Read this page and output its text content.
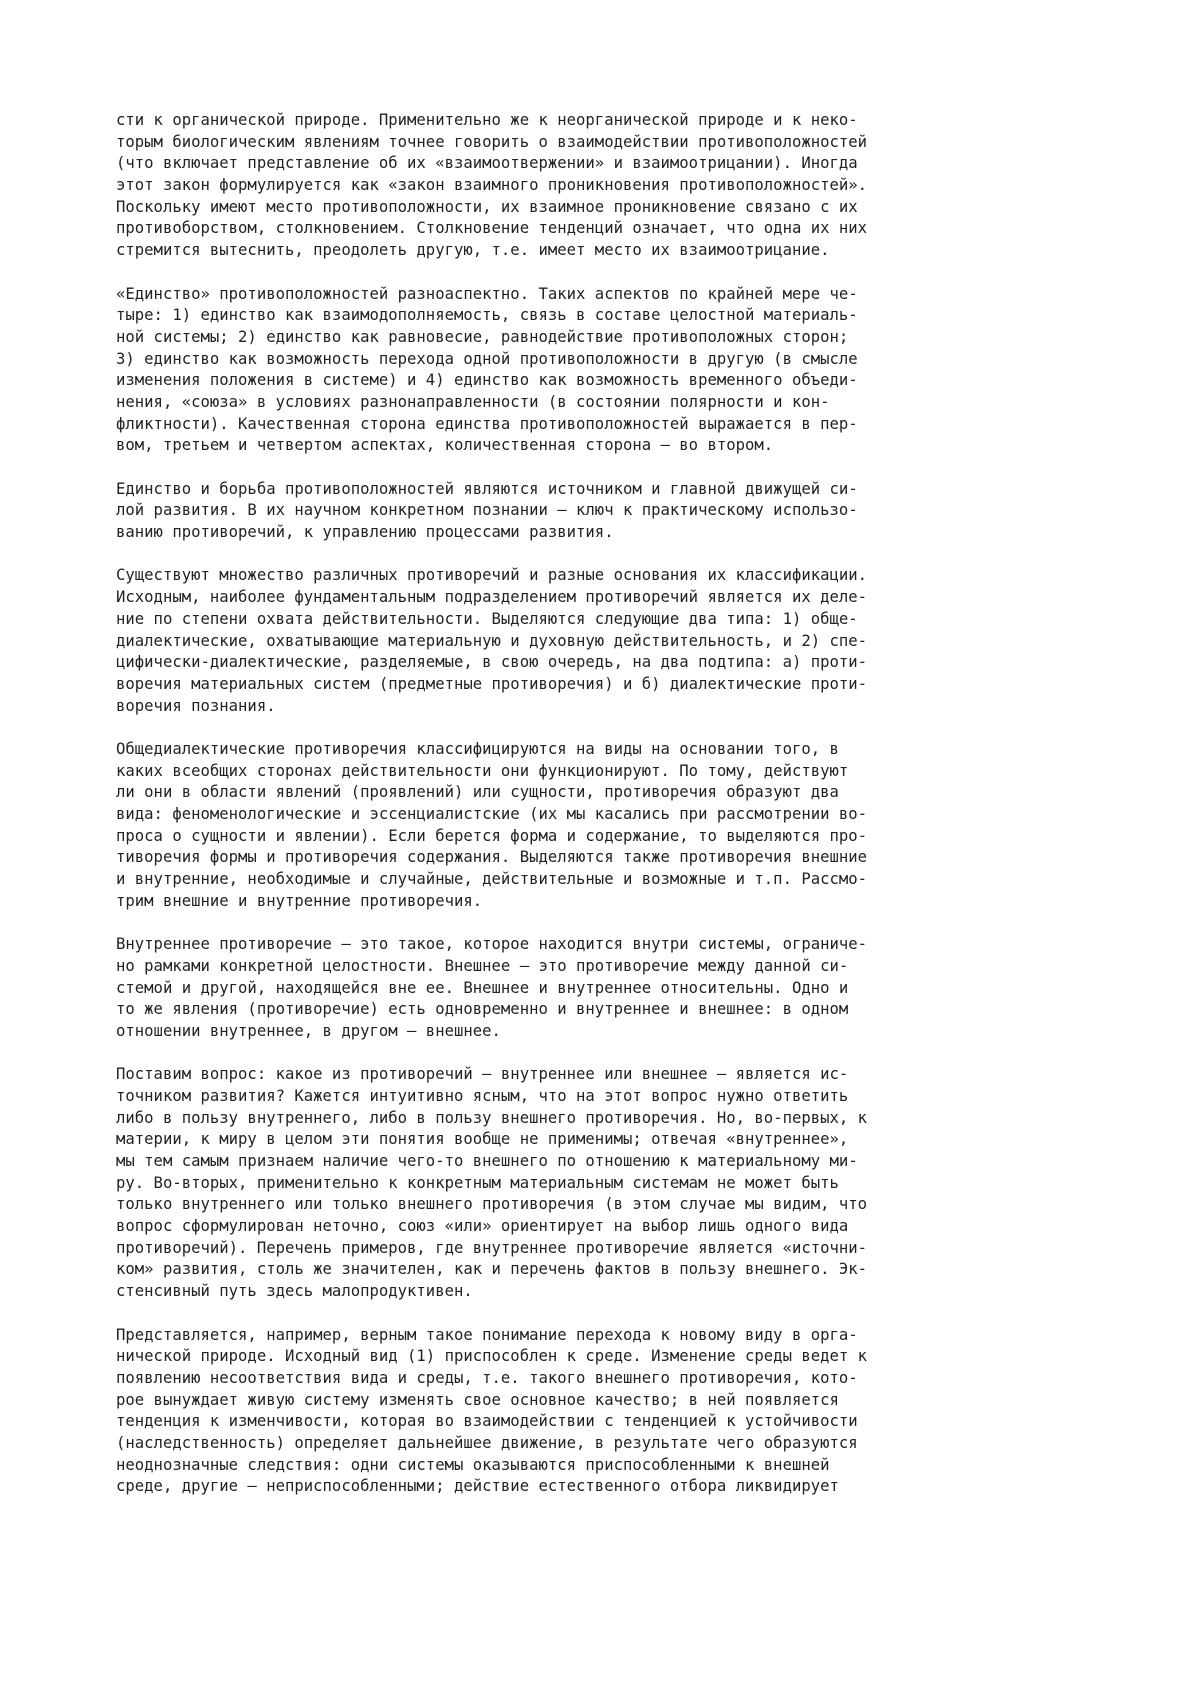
сти к органической природе. Применительно же к неорганической природе и к неко-
торым биологическим явлениям точнее говорить о взаимодействии противоположностей
(что включает представление об их «взаимоотвержении» и взаимоотрицании). Иногда
этот закон формулируется как «закон взаимного проникновения противоположностей».
Поскольку имеют место противоположности, их взаимное проникновение связано с их
противоборством, столкновением. Столкновение тенденций означает, что одна их них
стремится вытеснить, преодолеть другую, т.е. имеет место их взаимоотрицание.
«Единство» противоположностей разноаспектно. Таких аспектов по крайней мере че-
тыре: 1) единство как взаимодополняемость, связь в составе целостной материаль-
ной системы; 2) единство как равновесие, равнодействие противоположных сторон;
3) единство как возможность перехода одной противоположности в другую (в смысле
изменения положения в системе) и 4) единство как возможность временного объеди-
нения, «союза» в условиях разнонаправленности (в состоянии полярности и кон-
фликтности). Качественная сторона единства противоположностей выражается в пер-
вом, третьем и четвертом аспектах, количественная сторона — во втором.
Единство и борьба противоположностей являются источником и главной движущей си-
лой развития. В их научном конкретном познании — ключ к практическому использо-
ванию противоречий, к управлению процессами развития.
Существуют множество различных противоречий и разные основания их классификации.
Исходным, наиболее фундаментальным подразделением противоречий является их деле-
ние по степени охвата действительности. Выделяются следующие два типа: 1) обще-
диалектические, охватывающие материальную и духовную действительность, и 2) спе-
цифически-диалектические, разделяемые, в свою очередь, на два подтипа: а) проти-
воречия материальных систем (предметные противоречия) и б) диалектические проти-
воречия познания.
Общедиалектические противоречия классифицируются на виды на основании того, в
каких всеобщих сторонах действительности они функционируют. По тому, действуют
ли они в области явлений (проявлений) или сущности, противоречия образуют два
вида: феноменологические и эссенциалистские (их мы касались при рассмотрении во-
проса о сущности и явлении). Если берется форма и содержание, то выделяются про-
тиворечия формы и противоречия содержания. Выделяются также противоречия внешние
и внутренние, необходимые и случайные, действительные и возможные и т.п. Рассмо-
трим внешние и внутренние противоречия.
Внутреннее противоречие — это такое, которое находится внутри системы, ограниче-
но рамками конкретной целостности. Внешнее — это противоречие между данной си-
стемой и другой, находящейся вне ее. Внешнее и внутреннее относительны. Одно и
то же явления (противоречие) есть одновременно и внутреннее и внешнее: в одном
отношении внутреннее, в другом — внешнее.
Поставим вопрос: какое из противоречий — внутреннее или внешнее — является ис-
точником развития? Кажется интуитивно ясным, что на этот вопрос нужно ответить
либо в пользу внутреннего, либо в пользу внешнего противоречия. Но, во-первых, к
материи, к миру в целом эти понятия вообще не применимы; отвечая «внутреннее»,
мы тем самым признаем наличие чего-то внешнего по отношению к материальному ми-
ру. Во-вторых, применительно к конкретным материальным системам не может быть
только внутреннего или только внешнего противоречия (в этом случае мы видим, что
вопрос сформулирован неточно, союз «или» ориентирует на выбор лишь одного вида
противоречий). Перечень примеров, где внутреннее противоречие является «источни-
ком» развития, столь же значителен, как и перечень фактов в пользу внешнего. Эк-
стенсивный путь здесь малопродуктивен.
Представляется, например, верным такое понимание перехода к новому виду в орга-
нической природе. Исходный вид (1) приспособлен к среде. Изменение среды ведет к
появлению несоответствия вида и среды, т.е. такого внешнего противоречия, кото-
рое вынуждает живую систему изменять свое основное качество; в ней появляется
тенденция к изменчивости, которая во взаимодействии с тенденцией к устойчивости
(наследственность) определяет дальнейшее движение, в результате чего образуются
неоднозначные следствия: одни системы оказываются приспособленными к внешней
среде, другие — неприспособленными; действие естественного отбора ликвидирует
